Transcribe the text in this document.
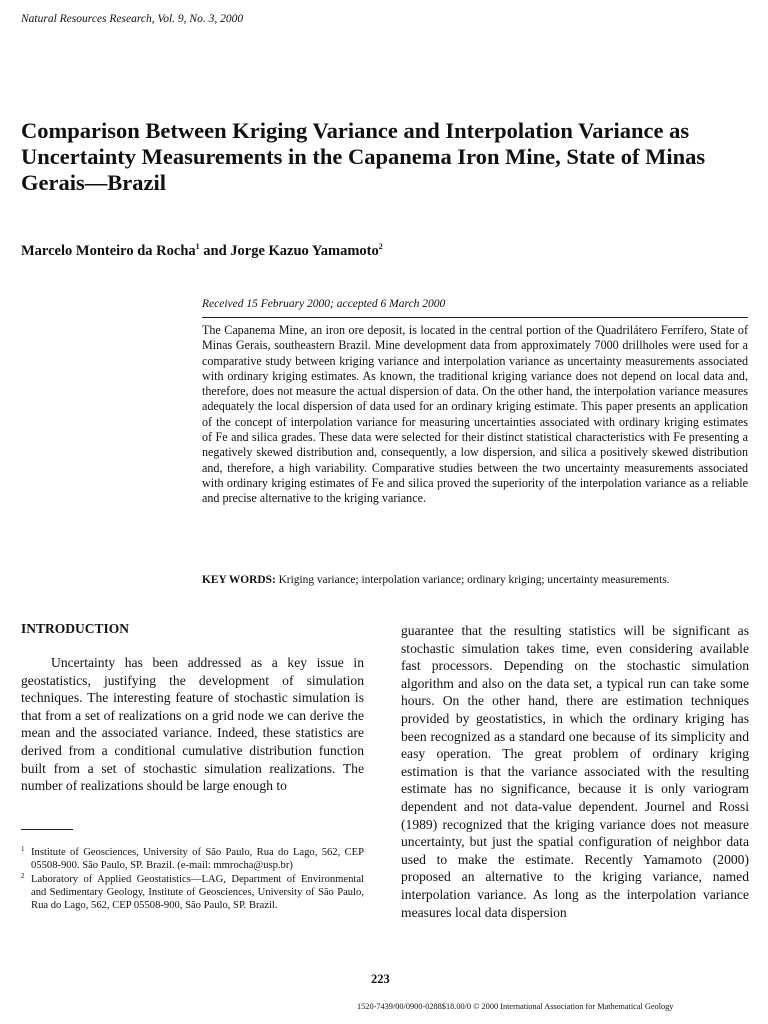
Natural Resources Research, Vol. 9, No. 3, 2000
Comparison Between Kriging Variance and Interpolation Variance as Uncertainty Measurements in the Capanema Iron Mine, State of Minas Gerais—Brazil
Marcelo Monteiro da Rocha$^1$ and Jorge Kazuo Yamamoto$^2$
Received 15 February 2000; accepted 6 March 2000
The Capanema Mine, an iron ore deposit, is located in the central portion of the Quadrilátero Ferrífero, State of Minas Gerais, southeastern Brazil. Mine development data from approximately 7000 drillholes were used for a comparative study between kriging variance and interpolation variance as uncertainty measurements associated with ordinary kriging estimates. As known, the traditional kriging variance does not depend on local data and, therefore, does not measure the actual dispersion of data. On the other hand, the interpolation variance measures adequately the local dispersion of data used for an ordinary kriging estimate. This paper presents an application of the concept of interpolation variance for measuring uncertainties associated with ordinary kriging estimates of Fe and silica grades. These data were selected for their distinct statistical characteristics with Fe presenting a negatively skewed distribution and, consequently, a low dispersion, and silica a positively skewed distribution and, therefore, a high variability. Comparative studies between the two uncertainty measurements associated with ordinary kriging estimates of Fe and silica proved the superiority of the interpolation variance as a reliable and precise alternative to the kriging variance.
KEY WORDS: Kriging variance; interpolation variance; ordinary kriging; uncertainty measurements.
INTRODUCTION

Uncertainty has been addressed as a key issue in geostatistics, justifying the development of simulation techniques. The interesting feature of stochastic simulation is that from a set of realizations on a grid node we can derive the mean and the associated variance. Indeed, these statistics are derived from a conditional cumulative distribution function built from a set of stochastic simulation realizations. The number of realizations should be large enough to

guarantee that the resulting statistics will be significant as stochastic simulation takes time, even considering available fast processors. Depending on the stochastic simulation algorithm and also on the data set, a typical run can take some hours. On the other hand, there are estimation techniques provided by geostatistics, in which the ordinary kriging has been recognized as a standard one because of its simplicity and easy operation. The great problem of ordinary kriging estimation is that the variance associated with the resulting estimate has no significance, because it is only variogram dependent and not data-value dependent. Journel and Rossi (1989) recognized that the kriging variance does not measure uncertainty, but just the spatial configuration of neighbor data used to make the estimate. Recently Yamamoto (2000) proposed an alternative to the kriging variance, named interpolation variance. As long as the interpolation variance measures local data dispersion

1 Institute of Geosciences, University of São Paulo, Rua do Lago, 562, CEP 05508-900. São Paulo, SP. Brazil. (e-mail: mmrocha@usp.br)
2 Laboratory of Applied Geostatistics—LAG, Department of Environmental and Sedimentary Geology, Institute of Geosciences, University of São Paulo, Rua do Lago, 562, CEP 05508-900, São Paulo, SP. Brazil.
223
1520-7439/00/0900-0288$18.00/0 © 2000 International Association for Mathematical Geology
